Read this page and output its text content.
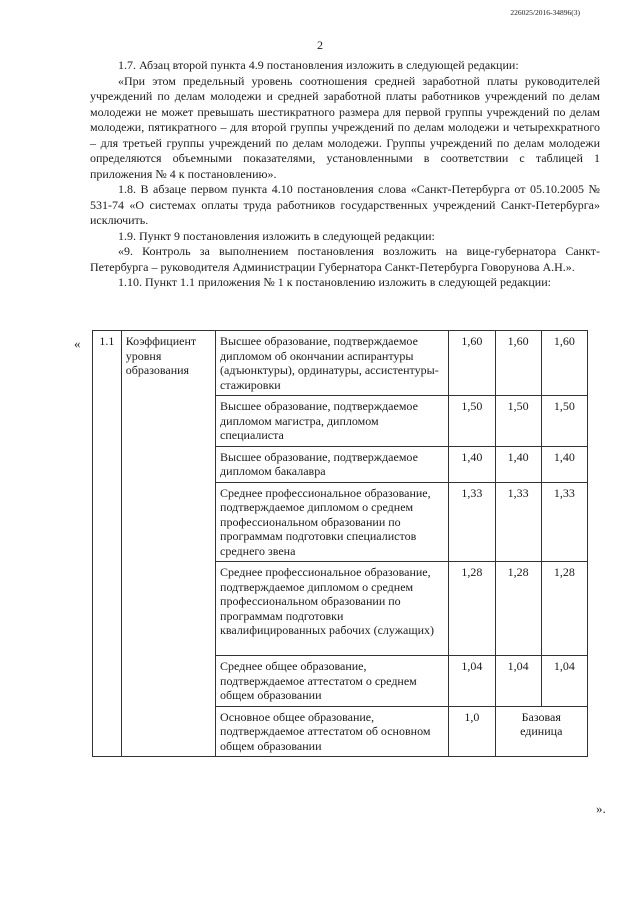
226025/2016-34896(3)
2

1.7. Абзац второй пункта 4.9 постановления изложить в следующей редакции:

«При этом предельный уровень соотношения средней заработной платы руководителей учреждений по делам молодежи и средней заработной платы работников учреждений по делам молодежи не может превышать шестикратного размера для первой группы учреждений по делам молодежи, пятикратного – для второй группы учреждений по делам молодежи и четырехкратного – для третьей группы учреждений по делам молодежи. Группы учреждений по делам молодежи определяются объемными показателями, установленными в соответствии с таблицей 1 приложения № 4 к постановлению».

1.8. В абзаце первом пункта 4.10 постановления слова «Санкт-Петербурга от 05.10.2005 № 531-74 «О системах оплаты труда работников государственных учреждений Санкт-Петербурга» исключить.

1.9. Пункт 9 постановления изложить в следующей редакции:

«9. Контроль за выполнением постановления возложить на вице-губернатора Санкт-Петербурга – руководителя Администрации Губернатора Санкт-Петербурга Говорунова А.Н.».

1.10. Пункт 1.1 приложения № 1 к постановлению изложить в следующей редакции:

« 1.1	Коэффициент уровня образования	Высшее образование, подтверждаемое дипломом об окончании аспирантуры (адъюнктуры), ординатуры, ассистентуры-стажировки	1,60	1,60	1,60
		Высшее образование, подтверждаемое дипломом магистра, дипломом специалиста	1,50	1,50	1,50
		Высшее образование, подтверждаемое дипломом бакалавра	1,40	1,40	1,40
		Среднее профессиональное образование, подтверждаемое дипломом о среднем профессиональном образовании по программам подготовки специалистов среднего звена	1,33	1,33	1,33
		Среднее профессиональное образование, подтверждаемое дипломом о среднем профессиональном образовании по программам подготовки квалифицированных рабочих (служащих)	1,28	1,28	1,28
		Среднее общее образование, подтверждаемое аттестатом о среднем общем образовании	1,04	1,04	1,04
		Основное общее образование, подтверждаемое аттестатом об основном общем образовании	1,0	Базовая единица	
».
